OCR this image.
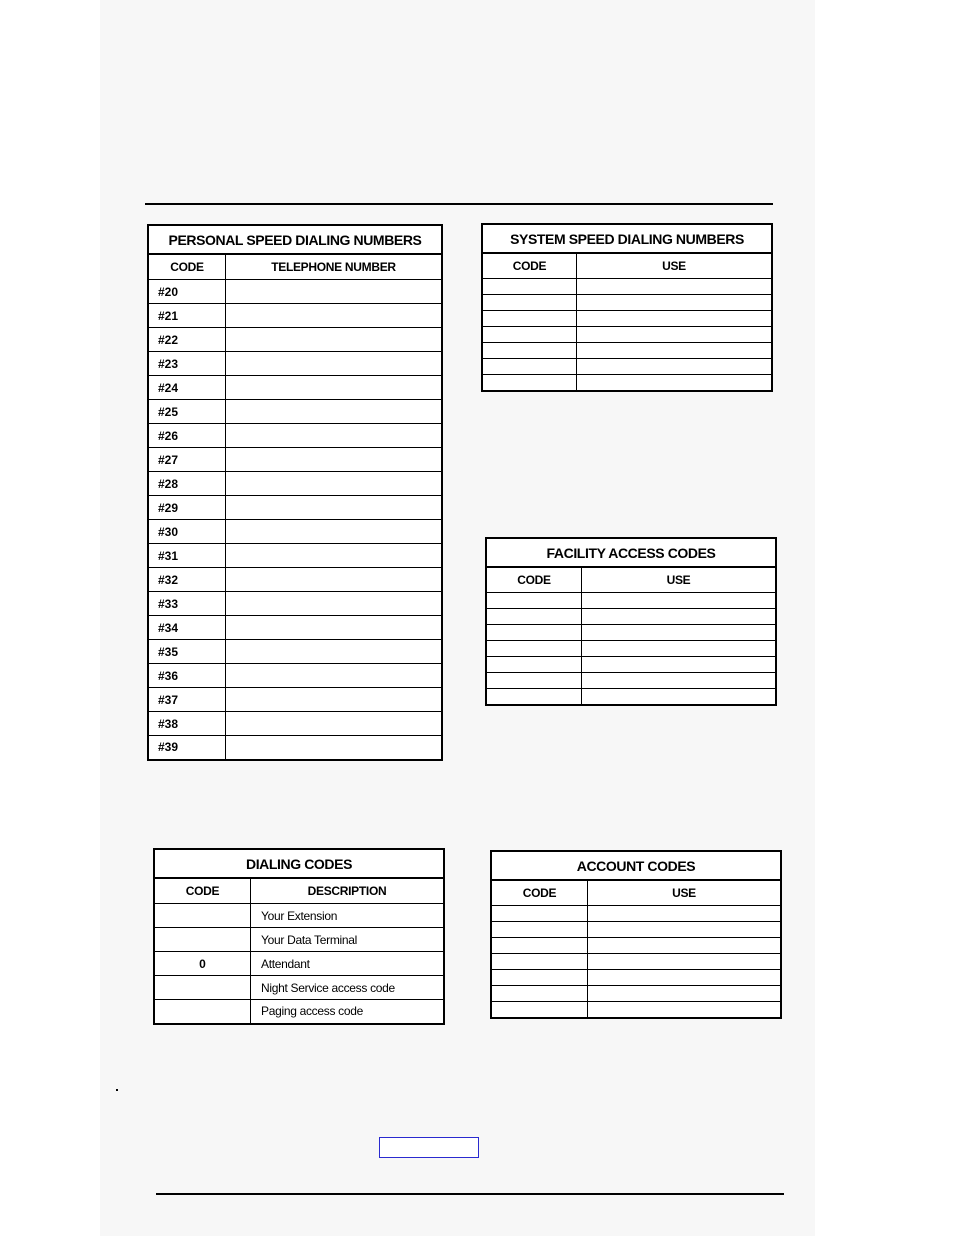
PERSONAL SPEED DIALING NUMBERS	
CODE	TELEPHONE NUMBER
#20	
#21	
#22	
#23	
#24	
#25	
#26	
#27	
#28	
#29	
#30	
#31	
#32	
#33	
#34	
#35	
#36	
#37	
#38	
#39	
SYSTEM SPEED DIALING NUMBERS	
CODE	USE

FACILITY ACCESS CODES	
CODE	USE

DIALING CODES	
CODE	DESCRIPTION
	Your Extension
	Your Data Terminal
0	Attendant
	Night Service access code
	Paging access code
ACCOUNT CODES	
CODE	USE
